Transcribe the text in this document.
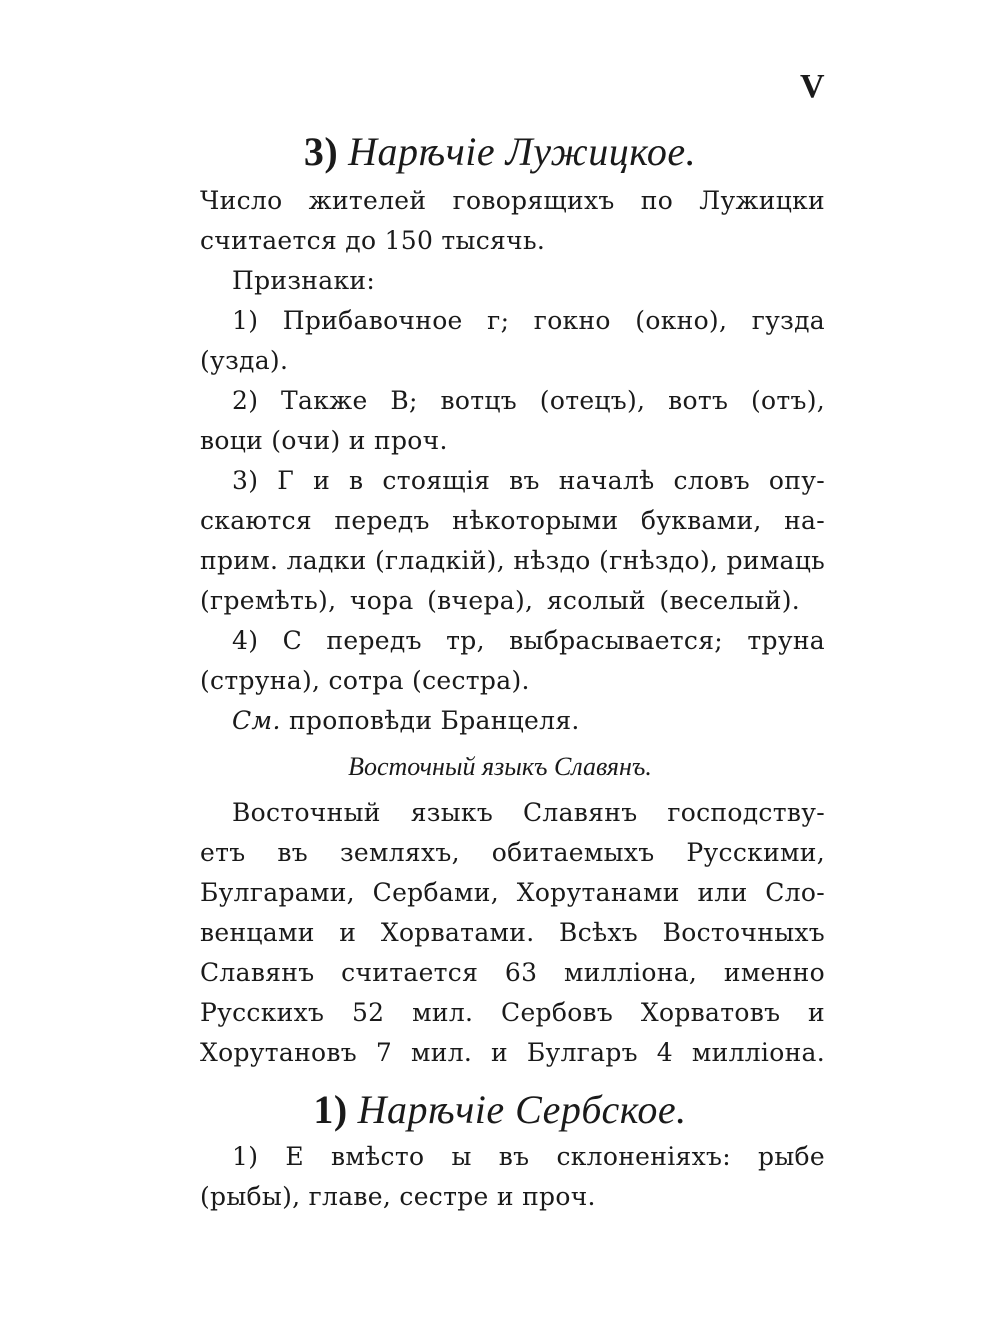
V
3) Нарѣчіе Лужицкое.
Число жителей говорящихъ по Лужицки
считается до 150 тысячь.
Признаки:
1) Прибавочное г; гокно (окно), гузда
(узда).
2) Также В; вотцъ (отецъ), вотъ (отъ),
воци (очи) и проч.
3) Г и в стоящія въ началѣ словъ опу-
скаются передъ нѣкоторыми буквами, на-
прим. ладки (гладкій), нѣздо (гнѣздо), римаць
(гремѣть), чора (вчера), ясолый (веселый).
4) С передъ тр, выбрасывается; труна
(струна), сотра (сестра).
См. проповѣди Бранцеля.
Восточный языкъ Славянъ.
Восточный языкъ Славянъ господству-
етъ въ земляхъ, обитаемыхъ Русскими,
Булгарами, Сербами, Хорутанами или Сло-
венцами и Хорватами. Всѣхъ Восточныхъ
Славянъ считается 63 милліона, именно
Русскихъ 52 мил. Сербовъ Хорватовъ и
Хорутановъ 7 мил. и Булгаръ 4 милліона.
1) Нарѣчіе Сербское.
1) Е вмѣсто ы въ склоненіяхъ: рыбе
(рыбы), главе, сестре и проч.
